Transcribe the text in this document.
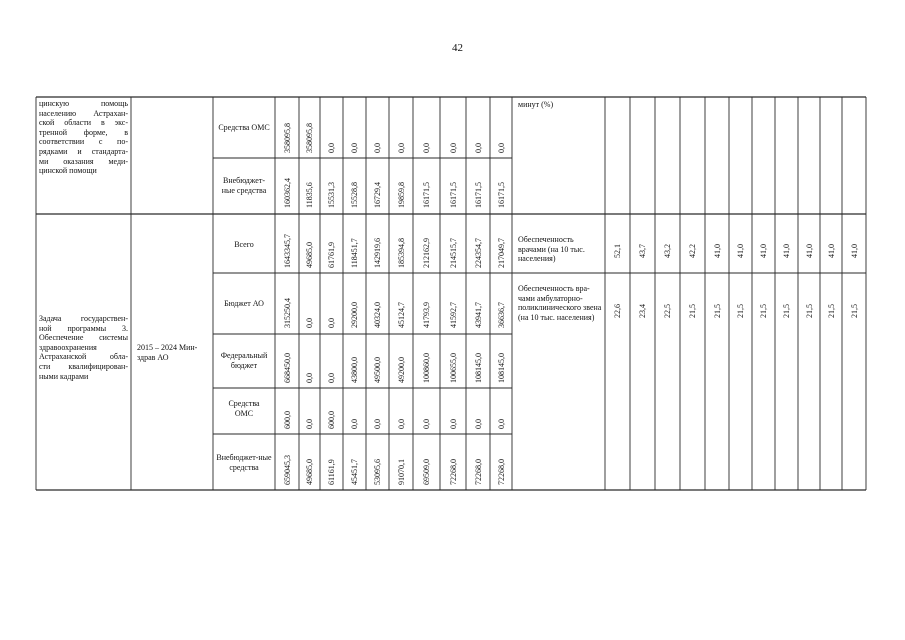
42
цинскую помощь
населению Астрахан-
ской области в экс-
тренной форме, в
соответствии с по-
рядками и стандарта-
ми оказания меди-
цинской помощи
Средства ОМС
Внебюджет-ные средства
минут (%)
Задача государствен-
ной программы 3.
Обеспечение системы
здравоохранения
Астраханской обла-
сти квалифицирован-
ными кадрами
2015 – 2024 Мин-здрав АО
Всего
Бюджет АО
Федеральный бюджет
Средства ОМС
Внебюджет-ные средства
Обеспеченность врачами (на 10 тыс. населения)
Обеспеченность вра-чами амбулаторно-поликлинического звена (на 10 тыс. населения)
358095,8 358095,8 0,0 0,0 0,0 0,0 0,0 0,0 0,0 0,0
160362,4 11835,6 15531,3 15528,8 16729,4 19859,8 16171,5 16171,5 16171,5 16171,5
1643345,7 49685,0 61761,9 118451,7 142919,6 185394,8 212162,9 214515,7 224354,7 217049,7
315250,4 0,0 0,0 29200,0 40324,0 45124,7 41793,9 41592,7 43941,7 36636,7
668450,0 0,0 0,0 43800,0 49500,0 49200,0 100860,0 100655,0 108145,0 108145,0
600,0 0,0 600,0 0,0 0,0 0,0 0,0 0,0 0,0 0,0
659045,3 49685,0 61161,9 45451,7 53095,6 91070,1 69509,0 72268,0 72268,0 72268,0
52,1 43,7 43,2 42,2 41,0 41,0 41,0 41,0 41,0 41,0 41,0
22,6 23,4 22,5 21,5 21,5 21,5 21,5 21,5 21,5 21,5 21,5
